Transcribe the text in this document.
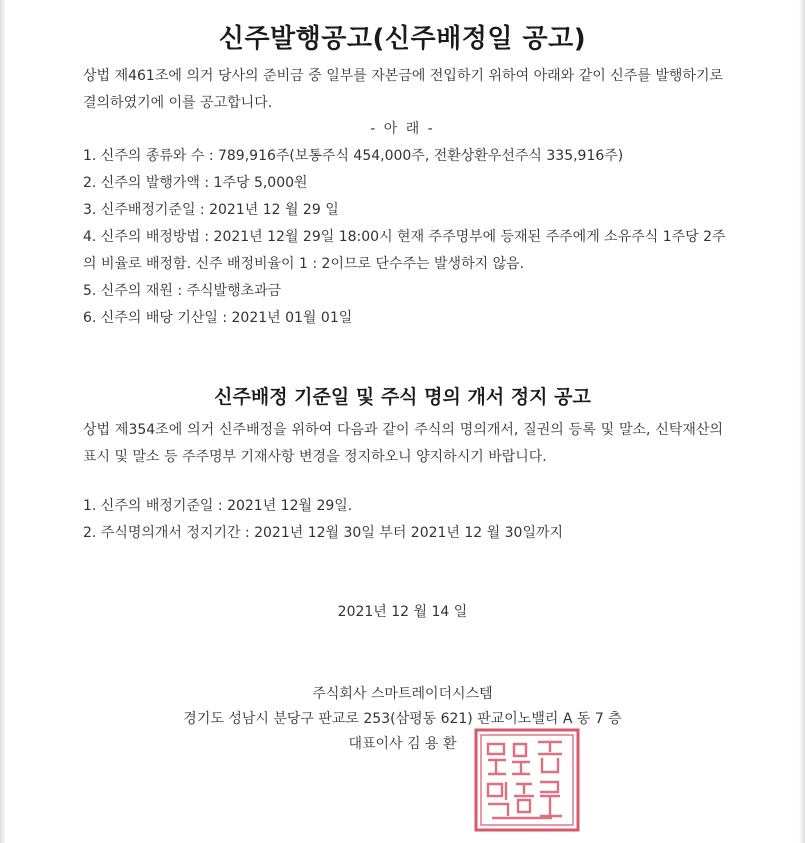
신주발행공고(신주배정일 공고)

상법 제461조에 의거 당사의 준비금 중 일부를 자본금에 전입하기 위하여 아래와 같이 신주를 발행하기로 결의하였기에 이를 공고합니다.

- 아 래 -

1. 신주의 종류와 수 : 789,916주(보통주식 454,000주, 전환상환우선주식 335,916주)
2. 신주의 발행가액 : 1주당 5,000원
3. 신주배정기준일 : 2021년 12 월 29 일
4. 신주의 배정방법 : 2021년 12월 29일 18:00시 현재 주주명부에 등재된 주주에게 소유주식 1주당 2주의 비율로 배정함. 신주 배정비율이 1 : 2이므로 단수주는 발생하지 않음.
5. 신주의 재원 : 주식발행초과금
6. 신주의 배당 기산일 : 2021년 01월 01일
신주배정 기준일 및 주식 명의 개서 정지 공고

상법 제354조에 의거 신주배정을 위하여 다음과 같이 주식의 명의개서, 질권의 등록 및 말소, 신탁재산의 표시 및 말소 등 주주명부 기재사항 변경을 정지하오니 양지하시기 바랍니다.

1. 신주의 배정기준일 : 2021년 12월 29일.
2. 주식명의개서 정지기간 : 2021년 12월 30일 부터 2021년 12 월 30일까지

2021년 12 월 14 일

주식회사 스마트레이더시스템

경기도 성남시 분당구 판교로 253(삼평동 621) 판교이노밸리 A 동 7 층

대표이사 김 용 환
